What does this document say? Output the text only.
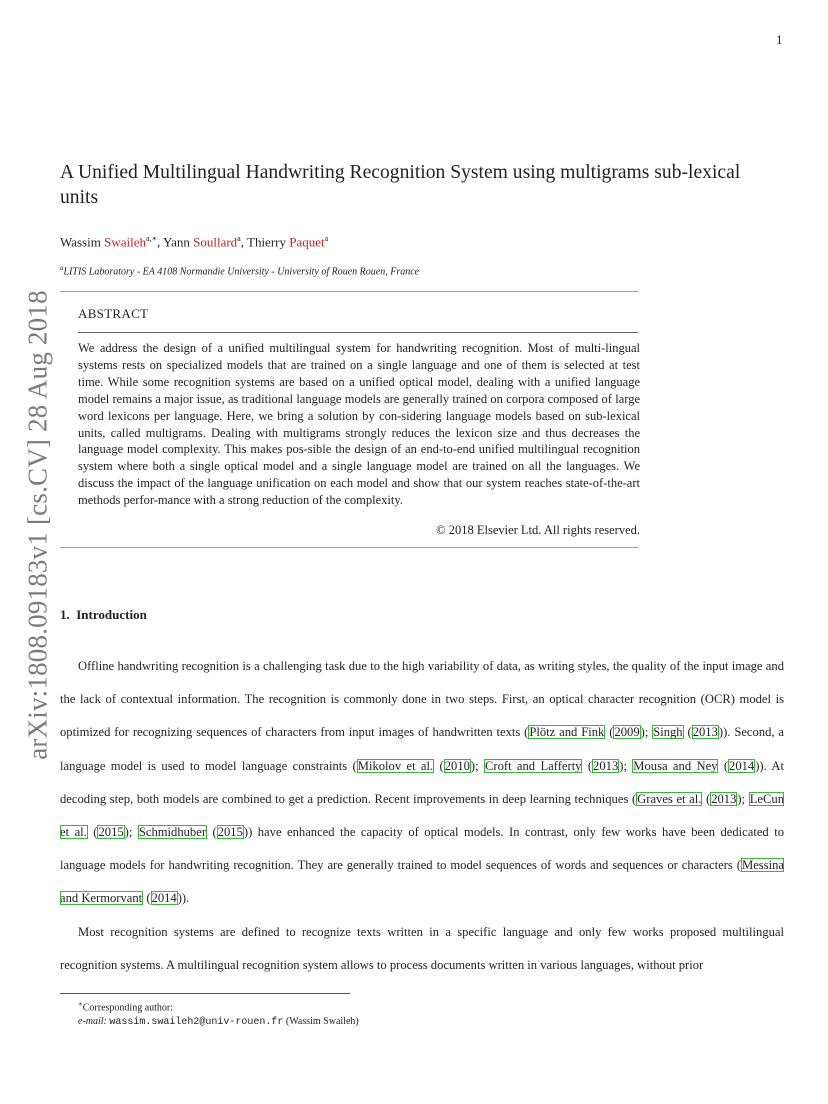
1
arXiv:1808.09183v1 [cs.CV] 28 Aug 2018
A Unified Multilingual Handwriting Recognition System using multigrams sub-lexical units
Wassim Swaileh$^{a,∗}$, Yann Soullard$^a$, Thierry Paquet$^a$
$^a$LITIS Laboratory - EA 4108 Normandie University - University of Rouen Rouen, France
ABSTRACT
We address the design of a unified multilingual system for handwriting recognition. Most of multi-lingual systems rests on specialized models that are trained on a single language and one of them is selected at test time. While some recognition systems are based on a unified optical model, dealing with a unified language model remains a major issue, as traditional language models are generally trained on corpora composed of large word lexicons per language. Here, we bring a solution by con-sidering language models based on sub-lexical units, called multigrams. Dealing with multigrams strongly reduces the lexicon size and thus decreases the language model complexity. This makes pos-sible the design of an end-to-end unified multilingual recognition system where both a single optical model and a single language model are trained on all the languages. We discuss the impact of the language unification on each model and show that our system reaches state-of-the-art methods perfor-mance with a strong reduction of the complexity.
© 2018 Elsevier Ltd. All rights reserved.
1. Introduction

Offline handwriting recognition is a challenging task due to the high variability of data, as writing styles, the quality of the input image and the lack of contextual information. The recognition is commonly done in two steps. First, an optical character recognition (OCR) model is optimized for recognizing sequences of characters from input images of handwritten texts (Plötz and Fink (2009); Singh (2013)). Second, a language model is used to model language constraints (Mikolov et al. (2010); Croft and Lafferty (2013); Mousa and Ney (2014)). At decoding step, both models are combined to get a prediction. Recent improvements in deep learning techniques (Graves et al. (2013); LeCun et al. (2015); Schmidhuber (2015)) have enhanced the capacity of optical models. In contrast, only few works have been dedicated to language models for handwriting recognition. They are generally trained to model sequences of words and sequences or characters (Messina and Kermorvant (2014)).

Most recognition systems are defined to recognize texts written in a specific language and only few works proposed multilingual recognition systems. A multilingual recognition system allows to process documents written in various languages, without prior

∗Corresponding author:
e-mail: wassim.swaileh2@univ-rouen.fr (Wassim Swaileh)
